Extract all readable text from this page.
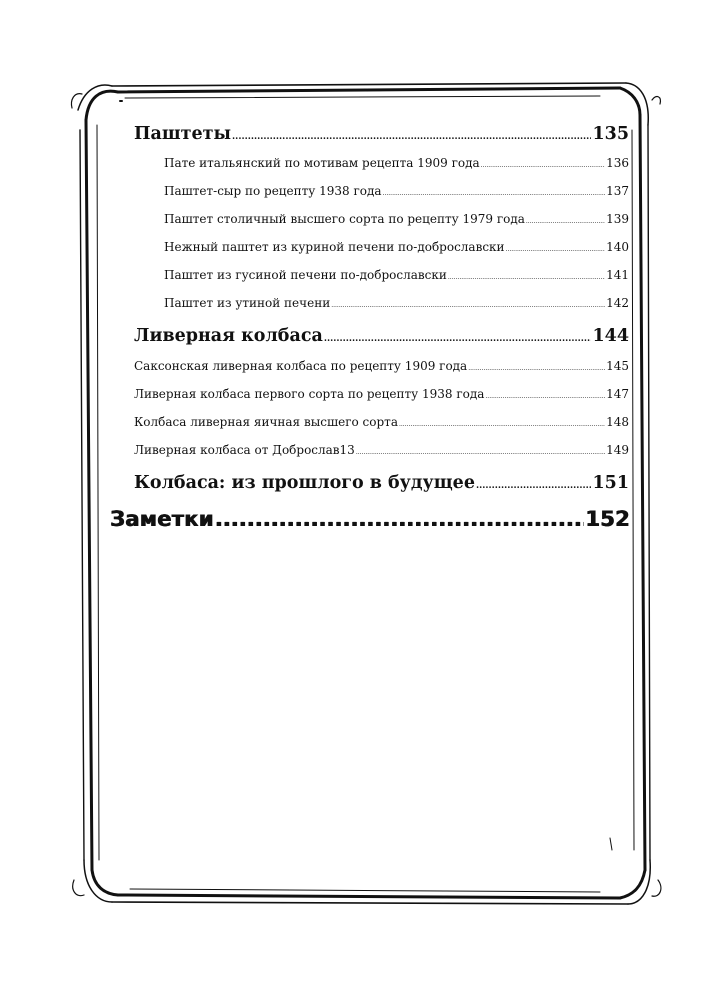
Паштеты .....	135
Пате итальянский по мотивам рецепта 1909 года .....	136
Паштет-сыр по рецепту 1938 года .....	137
Паштет столичный высшего сорта по рецепту 1979 года .....	139
Нежный паштет из куриной печени по-доброславски .....	140
Паштет из гусиной печени по-доброславски .....	141
Паштет из утиной печени .....	142
Ливерная колбаса .....	144
Саксонская ливерная колбаса по рецепту 1909 года .....	145
Ливерная колбаса первого сорта по рецепту 1938 года .....	147
Колбаса ливерная яичная высшего сорта .....	148
Ливерная колбаса от Доброслав13 .....	149
Колбаса: из прошлого в будущее .....	151
Заметки .....	152
